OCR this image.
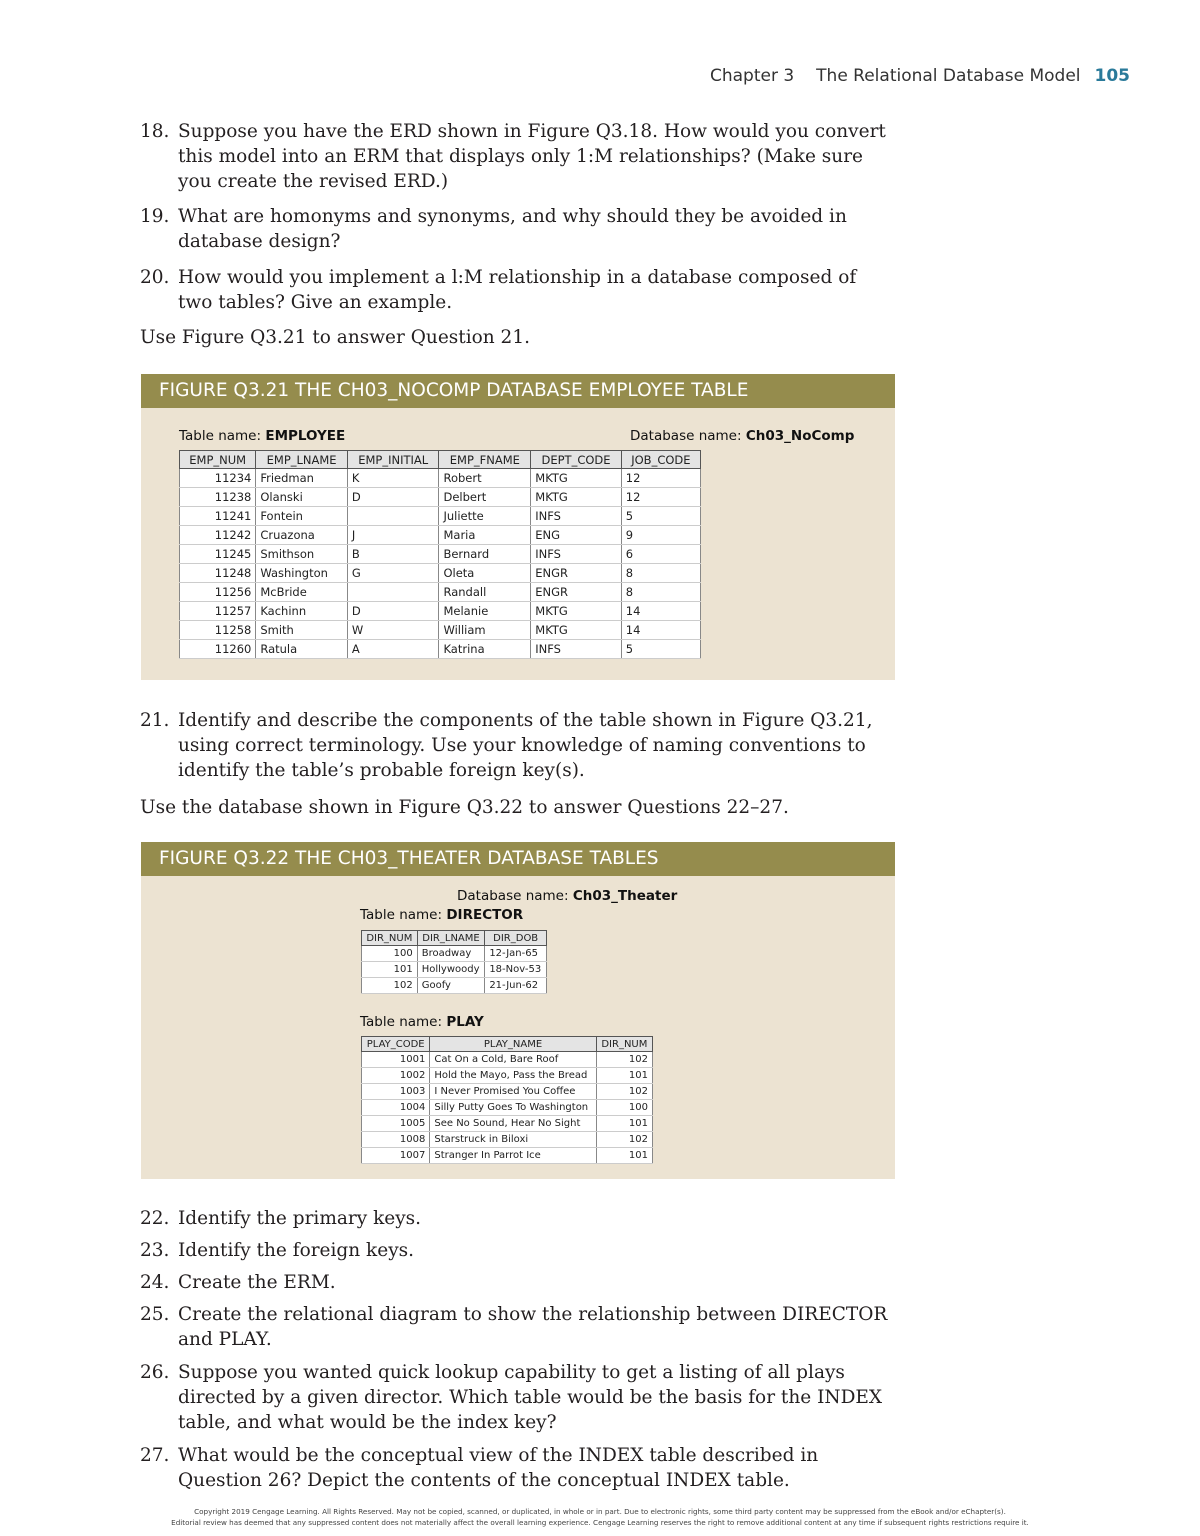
Chapter 3 The Relational Database Model 105
18. Suppose you have the ERD shown in Figure Q3.18. How would you convert this model into an ERM that displays only 1:M relationships? (Make sure you create the revised ERD.)
19. What are homonyms and synonyms, and why should they be avoided in database design?
20. How would you implement a l:M relationship in a database composed of two tables? Give an example.
Use Figure Q3.21 to answer Question 21.
FIGURE Q3.21 THE CH03_NOCOMP DATABASE EMPLOYEE TABLE
Table name: EMPLOYEE	Database name: Ch03_NoComp
EMP_NUM	EMP_LNAME	EMP_INITIAL	EMP_FNAME	DEPT_CODE	JOB_CODE
11234	Friedman	K	Robert	MKTG	12
11238	Olanski	D	Delbert	MKTG	12
11241	Fontein		Juliette	INFS	5
11242	Cruazona	J	Maria	ENG	9
11245	Smithson	B	Bernard	INFS	6
11248	Washington	G	Oleta	ENGR	8
11256	McBride		Randall	ENGR	8
11257	Kachinn	D	Melanie	MKTG	14
11258	Smith	W	William	MKTG	14
11260	Ratula	A	Katrina	INFS	5
21. Identify and describe the components of the table shown in Figure Q3.21, using correct terminology. Use your knowledge of naming conventions to identify the table’s probable foreign key(s).
Use the database shown in Figure Q3.22 to answer Questions 22–27.
FIGURE Q3.22 THE CH03_THEATER DATABASE TABLES
Database name: Ch03_Theater
Table name: DIRECTOR
DIR_NUM	DIR_LNAME	DIR_DOB
100	Broadway	12-Jan-65
101	Hollywoody	18-Nov-53
102	Goofy	21-Jun-62
Table name: PLAY
PLAY_CODE	PLAY_NAME	DIR_NUM
1001	Cat On a Cold, Bare Roof	102
1002	Hold the Mayo, Pass the Bread	101
1003	I Never Promised You Coffee	102
1004	Silly Putty Goes To Washington	100
1005	See No Sound, Hear No Sight	101
1008	Starstruck in Biloxi	102
1007	Stranger In Parrot Ice	101
22. Identify the primary keys.
23. Identify the foreign keys.
24. Create the ERM.
25. Create the relational diagram to show the relationship between DIRECTOR and PLAY.
26. Suppose you wanted quick lookup capability to get a listing of all plays directed by a given director. Which table would be the basis for the INDEX table, and what would be the index key?
27. What would be the conceptual view of the INDEX table described in Question 26? Depict the contents of the conceptual INDEX table.
Copyright 2019 Cengage Learning. All Rights Reserved. May not be copied, scanned, or duplicated, in whole or in part. Due to electronic rights, some third party content may be suppressed from the eBook and/or eChapter(s).
Editorial review has deemed that any suppressed content does not materially affect the overall learning experience. Cengage Learning reserves the right to remove additional content at any time if subsequent rights restrictions require it.
